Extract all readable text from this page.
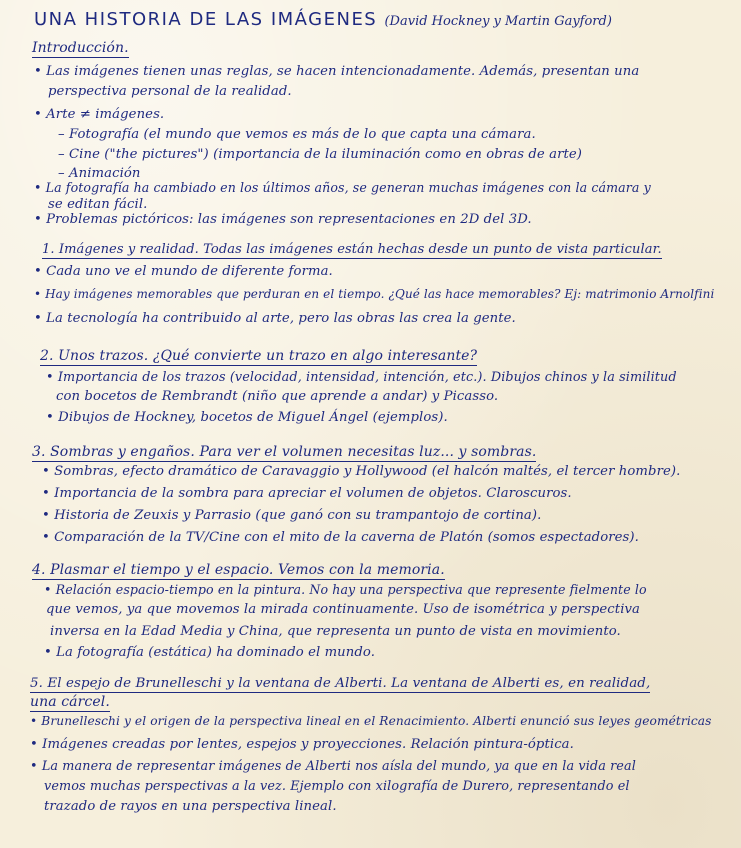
UNA HISTORIA DE LAS IMÁGENES (David Hockney y Martin Gayford)
Introducción.
• Las imágenes tienen unas reglas, se hacen intencionadamente. Además, presentan una
perspectiva personal de la realidad.
• Arte ≠ imágenes.
– Fotografía (el mundo que vemos es más de lo que capta una cámara.
– Cine ("the pictures") (importancia de la iluminación como en obras de arte)
– Animación
• La fotografía ha cambiado en los últimos años, se generan muchas imágenes con la cámara y
se editan fácil.
• Problemas pictóricos: las imágenes son representaciones en 2D del 3D.
1. Imágenes y realidad. Todas las imágenes están hechas desde un punto de vista particular.
• Cada uno ve el mundo de diferente forma.
• Hay imágenes memorables que perduran en el tiempo. ¿Qué las hace memorables? Ej: matrimonio Arnolfini
• La tecnología ha contribuido al arte, pero las obras las crea la gente.
2. Unos trazos. ¿Qué convierte un trazo en algo interesante?
• Importancia de los trazos (velocidad, intensidad, intención, etc.). Dibujos chinos y la similitud
con bocetos de Rembrandt (niño que aprende a andar) y Picasso.
• Dibujos de Hockney, bocetos de Miguel Ángel (ejemplos).
3. Sombras y engaños. Para ver el volumen necesitas luz... y sombras.
• Sombras, efecto dramático de Caravaggio y Hollywood (el halcón maltés, el tercer hombre).
• Importancia de la sombra para apreciar el volumen de objetos. Claroscuros.
• Historia de Zeuxis y Parrasio (que ganó con su trampantojo de cortina).
• Comparación de la TV/Cine con el mito de la caverna de Platón (somos espectadores).
4. Plasmar el tiempo y el espacio. Vemos con la memoria.
• Relación espacio-tiempo en la pintura. No hay una perspectiva que represente fielmente lo
que vemos, ya que movemos la mirada continuamente. Uso de isométrica y perspectiva
inversa en la Edad Media y China, que representa un punto de vista en movimiento.
• La fotografía (estática) ha dominado el mundo.
5. El espejo de Brunelleschi y la ventana de Alberti. La ventana de Alberti es, en realidad,
una cárcel.
• Brunelleschi y el origen de la perspectiva lineal en el Renacimiento. Alberti enunció sus leyes geométricas
• Imágenes creadas por lentes, espejos y proyecciones. Relación pintura-óptica.
• La manera de representar imágenes de Alberti nos aísla del mundo, ya que en la vida real
vemos muchas perspectivas a la vez. Ejemplo con xilografía de Durero, representando el
trazado de rayos en una perspectiva lineal.
